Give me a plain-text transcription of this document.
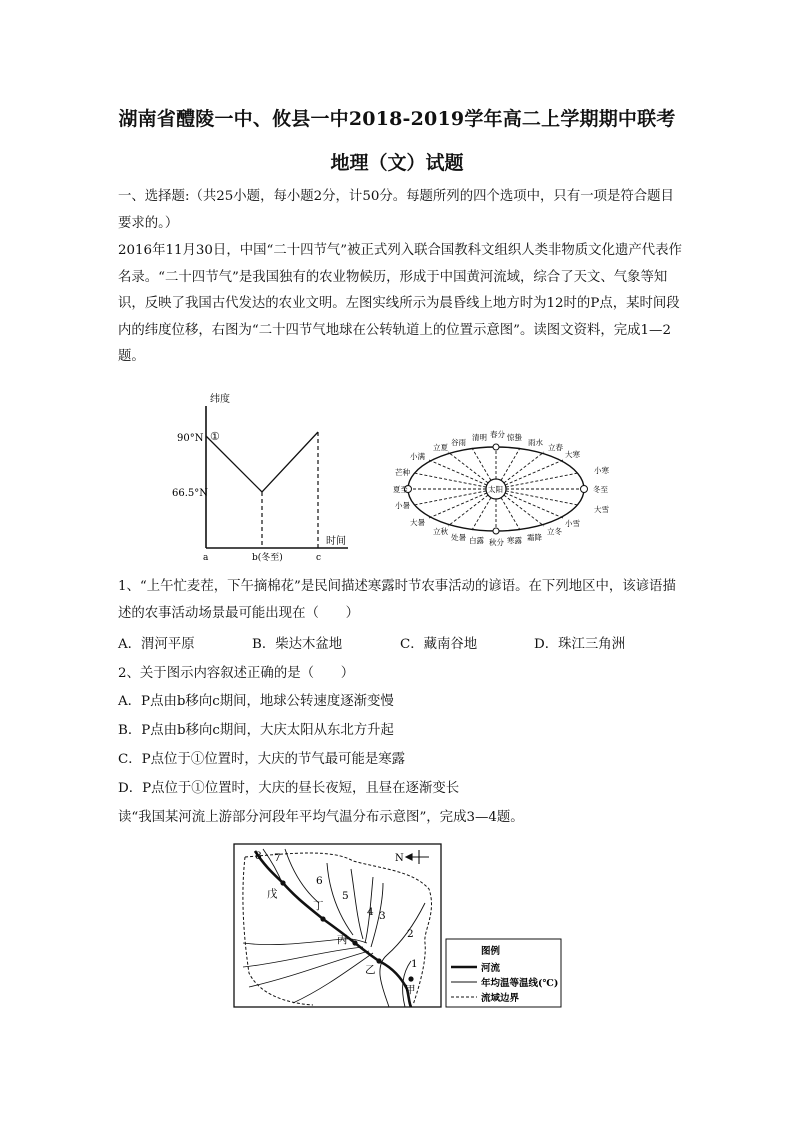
湖南省醴陵一中、攸县一中2018-2019学年高二上学期期中联考
地理（文）试题

一、选择题:（共25小题，每小题2分，计50分。每题所列的四个选项中，只有一项是符合题目要求的。）

2016年11月30日，中国“二十四节气”被正式列入联合国教科文组织人类非物质文化遗产代表作名录。“二十四节气”是我国独有的农业物候历，形成于中国黄河流域，综合了天文、气象等知识，反映了我国古代发达的农业文明。左图实线所示为晨昏线上地方时为12时的P点，某时间段内的纬度位移，右图为“二十四节气地球在公转轨道上的位置示意图”。读图文资料，完成1—2题。

纬度
90°N ①
66.5°N
时间
a	b(冬至)	c
太阳
立夏
谷雨
清明 春分 惊蛰
雨水
立春
立秋
处暑 白露 秋分 寒露 霜降
立冬
小满
芒种
夏至
小暑
大暑
大寒
小寒
冬至
大雪
小雪

1、“上午忙麦茬，下午摘棉花”是民间描述寒露时节农事活动的谚语。在下列地区中，该谚语描述的农事活动场景最可能出现在（　　）

A．渭河平原	B．柴达木盆地	C．藏南谷地	D．珠江三角洲
2、关于图示内容叙述正确的是（　　）
A．P点由b移向c期间，地球公转速度逐渐变慢
B．P点由b移向c期间，大庆太阳从东北方升起
C．P点位于①位置时，大庆的节气最可能是寒露
D．P点位于①位置时，大庆的昼长夜短，且昼在逐渐变长
读“我国某河流上游部分河段年平均气温分布示意图”，完成3—4题。
1
2
3
4
5
6
7
8
甲
乙
丙
丁
戊
N
图例
河流
年均温等温线(℃)
流域边界
